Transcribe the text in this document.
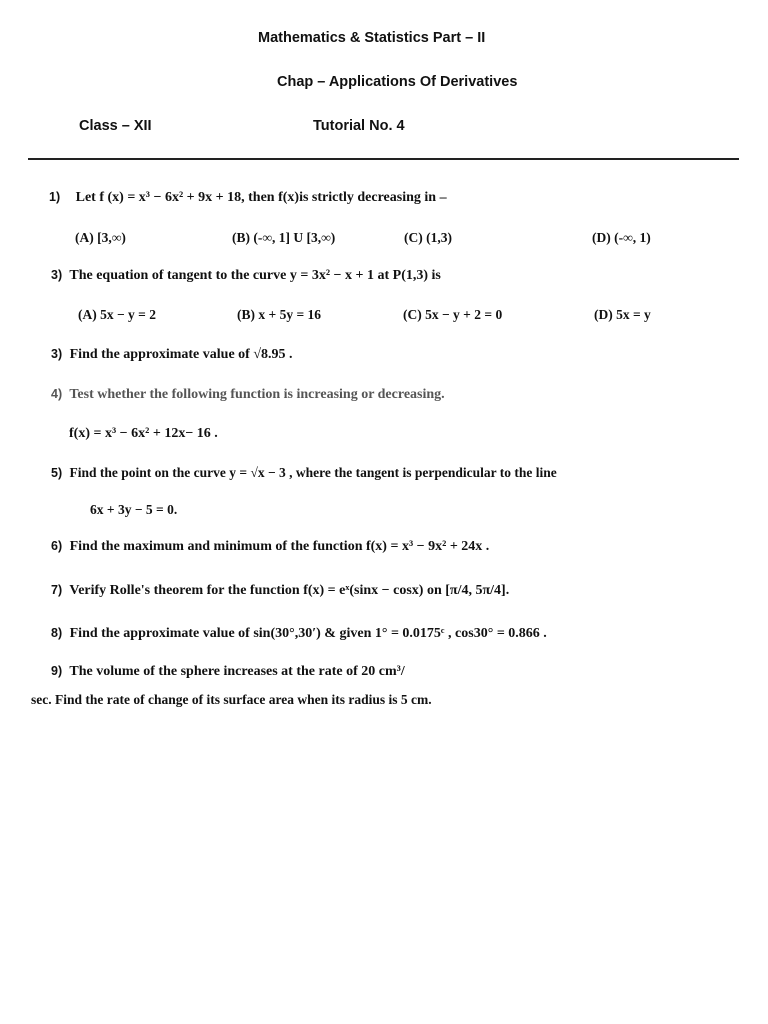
Mathematics & Statistics Part – II
Chap – Applications Of Derivatives
Class – XII	Tutorial No. 4
1) Let f (x) = x³ − 6x² + 9x + 18, then f(x)is strictly decreasing in –
(A) [3,∞)	(B) (-∞, 1] U [3,∞)	(C) (1,3)	(D) (-∞, 1)
3) The equation of tangent to the curve y = 3x² − x + 1 at P(1,3) is
(A) 5x − y = 2	(B) x + 5y = 16	(C) 5x − y + 2 = 0	(D) 5x = y
3) Find the approximate value of √8.95 .
4) Test whether the following function is increasing or decreasing.
f(x) = x³ − 6x² + 12x− 16 .
5) Find the point on the curve y = √x − 3 , where the tangent is perpendicular to the line
6x + 3y − 5 = 0.
6) Find the maximum and minimum of the function f(x) = x³ − 9x² + 24x .
7) Verify Rolle's theorem for the function f(x) = eˣ(sinx − cosx) on [π/4, 5π/4].
8) Find the approximate value of sin(30°,30′) & given 1° = 0.0175ᶜ , cos30° = 0.866 .
9) The volume of the sphere increases at the rate of 20 cm³/
sec. Find the rate of change of its surface area when its radius is 5 cm.
